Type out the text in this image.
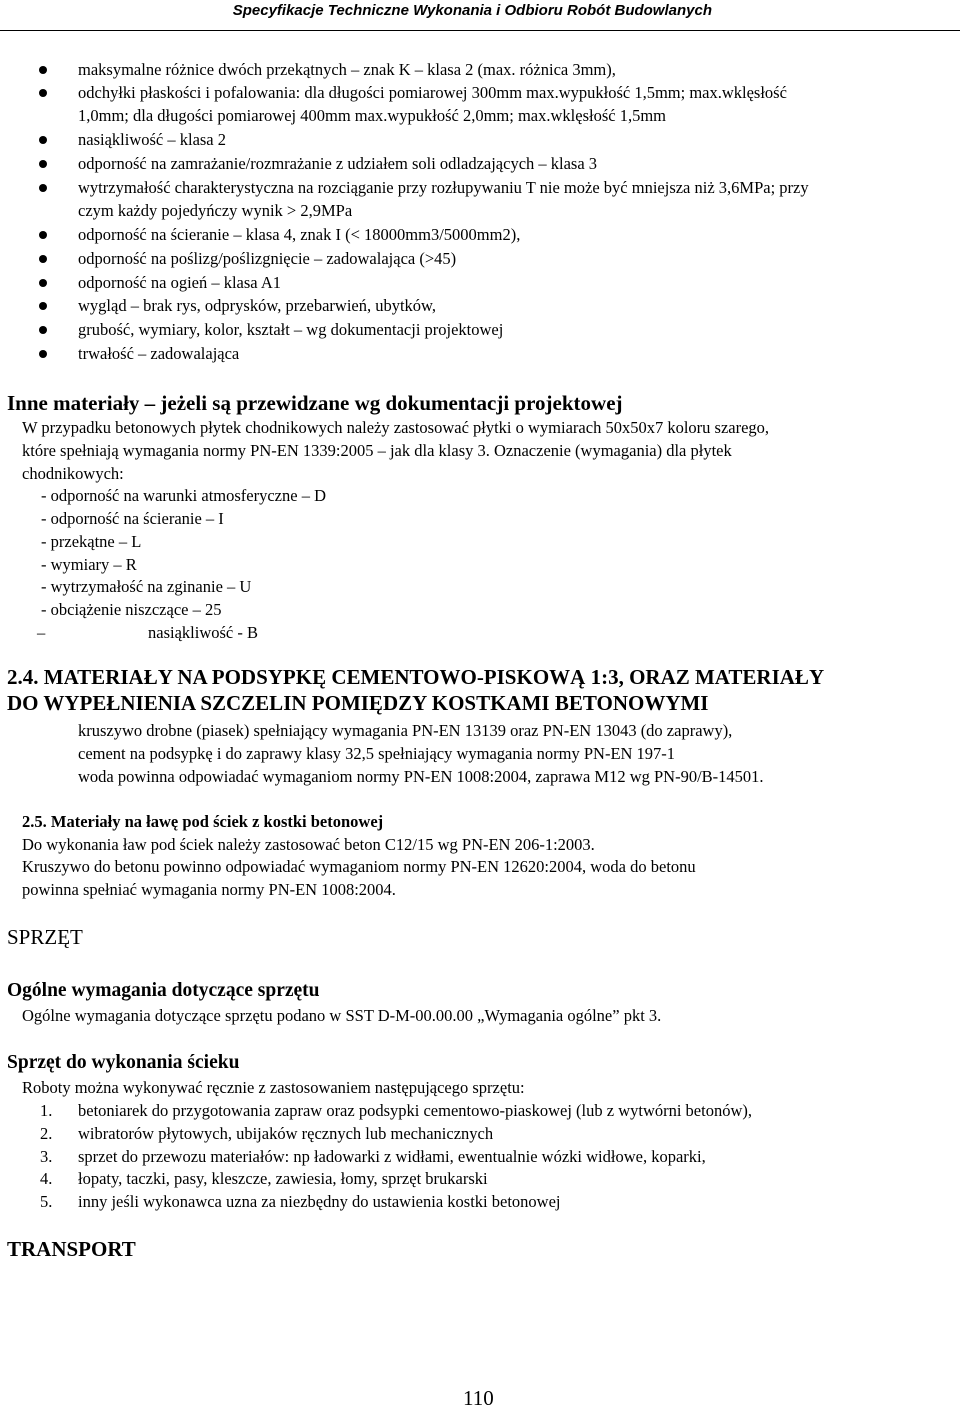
Specyfikacje Techniczne Wykonania i Odbioru Robót Budowlanych
maksymalne różnice dwóch przekątnych – znak K – klasa 2 (max. różnica 3mm),
odchyłki płaskości i pofalowania: dla długości pomiarowej 300mm max.wypukłość 1,5mm; max.wklęsłość
1,0mm; dla długości pomiarowej 400mm max.wypukłość 2,0mm; max.wklęsłość 1,5mm
nasiąkliwość – klasa 2
odporność na zamrażanie/rozmrażanie z udziałem soli odladzających – klasa 3
wytrzymałość charakterystyczna na rozciąganie przy rozłupywaniu T nie może być mniejsza niż 3,6MPa; przy
czym każdy pojedyńczy wynik > 2,9MPa
odporność na ścieranie – klasa 4, znak I (< 18000mm3/5000mm2),
odporność na poślizg/poślizgnięcie – zadowalająca (>45)
odporność na ogień – klasa A1
wygląd – brak rys, odprysków, przebarwień, ubytków,
grubość, wymiary, kolor, kształt – wg dokumentacji projektowej
trwałość – zadowalająca
Inne materiały – jeżeli są przewidzane wg dokumentacji projektowej
W przypadku betonowych płytek chodnikowych należy zastosować płytki o wymiarach 50x50x7 koloru szarego,
które spełniają wymagania normy PN-EN 1339:2005 – jak dla klasy 3. Oznaczenie (wymagania) dla płytek
chodnikowych:
- odporność na warunki atmosferyczne – D
- odporność na ścieranie – I
- przekątne – L
- wymiary – R
- wytrzymałość na zginanie – U
- obciążenie niszczące – 25
–	nasiąkliwość - B
2.4. MATERIAŁY NA PODSYPKĘ CEMENTOWO-PISKOWĄ 1:3, ORAZ MATERIAŁY
DO WYPEŁNIENIA SZCZELIN POMIĘDZY KOSTKAMI BETONOWYMI
kruszywo drobne (piasek) spełniający wymagania PN-EN 13139 oraz PN-EN 13043 (do zaprawy),
cement na podsypkę i do zaprawy klasy 32,5 spełniający wymagania normy PN-EN 197-1
woda powinna odpowiadać wymaganiom normy PN-EN 1008:2004, zaprawa M12 wg PN-90/B-14501.
2.5. Materiały na ławę pod ściek z kostki betonowej
Do wykonania ław pod ściek należy zastosować beton C12/15 wg PN-EN 206-1:2003.
Kruszywo do betonu powinno odpowiadać wymaganiom normy PN-EN 12620:2004, woda do betonu
powinna spełniać wymagania normy PN-EN 1008:2004.
SPRZĘT
Ogólne wymagania dotyczące sprzętu
Ogólne wymagania dotyczące sprzętu podano w SST D-M-00.00.00 „Wymagania ogólne” pkt 3.
Sprzęt do wykonania ścieku
Roboty można wykonywać ręcznie z zastosowaniem następującego sprzętu:
1. betoniarek do przygotowania zapraw oraz podsypki cementowo-piaskowej (lub z wytwórni betonów),
2. wibratorów płytowych, ubijaków ręcznych lub mechanicznych
3. sprzet do przewozu materiałów: np ładowarki z widłami, ewentualnie wózki widłowe, koparki,
4. łopaty, taczki, pasy, kleszcze, zawiesia, łomy, sprzęt brukarski
5. inny jeśli wykonawca uzna za niezbędny do ustawienia kostki betonowej
TRANSPORT
110
